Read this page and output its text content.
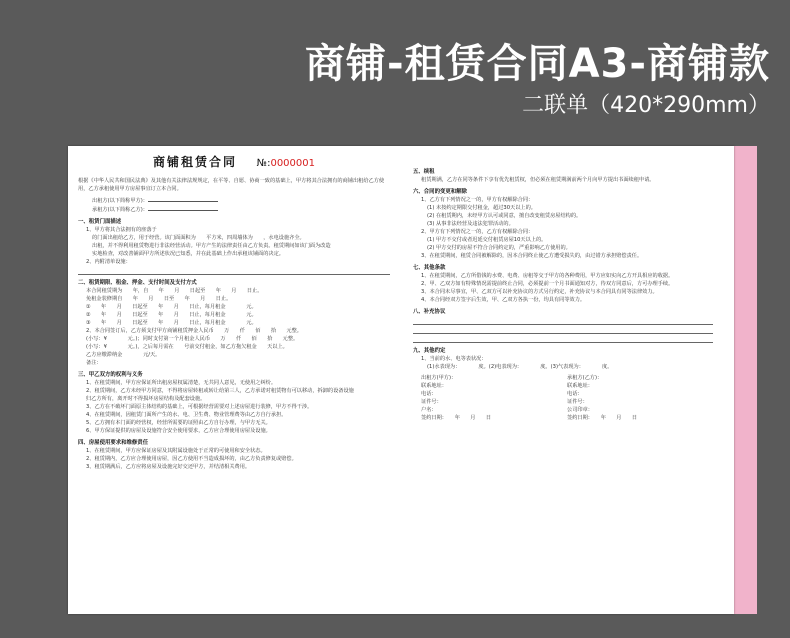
商铺-租赁合同A3-商铺款
二联单（420*290mm）
商铺租赁合同 №:0000001
根据《中华人民共和国民法典》及其他有关法律法规规定，在平等、自愿、协商一致的基础上，甲方将其合法拥有的商铺出租给乙方使用，乙方承租使用甲方房屋事宜订立本合同。
出租方(以下简称甲方)：
承租方(以下简称乙方)：
一、租赁门面描述
1、甲方将其合法拥有的座落于
的门面出租给乙方，用于经营。该门面面积为　　平方米，四周墙体为　　，水电设施齐全。
出租，并不得利用租赁物进行非法经营活动。甲方产生的法律责任由乙方负责。租赁期间如该门面为改造
实地检查，对改善铺面甲方所述状况已知悉，并在此基础上作出承租该铺面的决定。
2、内附清单设施：
二、租赁期限、租金、押金、支付时间及支付方式
本合同租赁期为　　年，自　　年　　月　　日起至　　年　　月　　日止。
免租金装修期自　　年　　月　　日至　　年　　月　　日止。
①　　年　　月　　日起至　　年　　月　　日止，每月租金　　　　元。
②　　年　　月　　日起至　　年　　月　　日止，每月租金　　　　元。
③　　年　　月　　日起至　　年　　月　　日止，每月租金　　　　元。
2、本合同签订后，乙方须支付甲方商铺租赁押金人民币　　万　　仟　　佰　　拾　　元整。
(小写：¥　　　　元。)；同时支付第一个月租金人民币　　万　　仟　　佰　　拾　　元整。
(小写：¥　　　　元。)，之后每月需在　　号前交付租金，如乙方拖欠租金　　天以上。
乙方应缴滞纳金　　　　元/天。
备注：
三、甲乙双方的权利与义务
1、在租赁期间，甲方应保证所出租房屋权属清楚，无共同人意见，无使用之纠纷。
2、租赁期间，乙方未经甲方同意，不得将房屋转租或转让给第三人，乙方承诺对租赁物有可以移动，拆卸的设备设施
归乙方所有，离开时不得损坏房屋结构及配套设施。
3、乙方在不破坏门面原主体结构的基础上，可根据经营需要对上述房屋进行装修，甲方不得干涉。
4、在租赁期间，因租赁门面所产生的水、电、卫生费、物业管理费等由乙方自行承担。
5、乙方拥有本门面的经营权，经营所需要的证照由乙方自行办理，与甲方无关。
6、甲方保证提供的房屋及设施符合安全使用要求，乙方应合理使用房屋及设施。
四、房屋使用要求和维修责任
1、在租赁期间，甲方应保证房屋及其附属设施处于正常的可使用和安全状态。
2、租赁期内，乙方应合理使用房屋，因乙方使用不当造成损坏的，由乙方负责修复或赔偿。
3、租赁期满后，乙方应将房屋及设施完好交还甲方，并结清相关费用。
五、续租
租赁期满，乙方在同等条件下享有优先租赁权，但必须在租赁期满前两个月向甲方提出书面续租申请。
六、合同的变更和解除
1、乙方有下列情况之一的，甲方有权解除合同：
(1) 未按约定期限交付租金，超过30天以上的。
(2) 在租赁期内，未经甲方认可或同意，擅自改变租赁房屋结构的。
(3) 从事非法经营及违法犯罪活动的。
2、甲方有下列情况之一的，乙方有权解除合同：
(1) 甲方不交付或者迟延交付租赁房屋10天以上的。
(2) 甲方交付的房屋不符合合同约定的，严重影响乙方使用的。
3、在租赁期间，租赁合同被解除的，因本合同终止使乙方遭受损失的，由过错方承担赔偿责任。
七、其他条款
1、在租赁期间，乙方所借钱的水费、电费、房租等交于甲方的各种费用，甲方应如实向乙方开具相应的收据。
2、甲、乙双方如有特殊情况需提前终止合同，必须提前一个月书面通知对方，待双方同意后，方可办理手续。
3、本合同未尽事宜，甲、乙双方可以补充协议的方式另行约定，补充协议与本合同具有同等法律效力。
4、本合同经双方签字后生效，甲、乙双方各执一份，均具有同等效力。
八、补充协议
九、其他约定
1、当前的水、电等表状况：
(1)水表现为：　　　　度。(2)电表现为：　　　　度。(3)气表现为：　　　　度。
出租方(甲方)：	承租方(乙方)：
联系地址：	联系地址：
电话：	电话：
证件号：	证件号：
户名：	公司印章：
签约日期：　　年　　月　　日	签约日期：　　年　　月　　日
